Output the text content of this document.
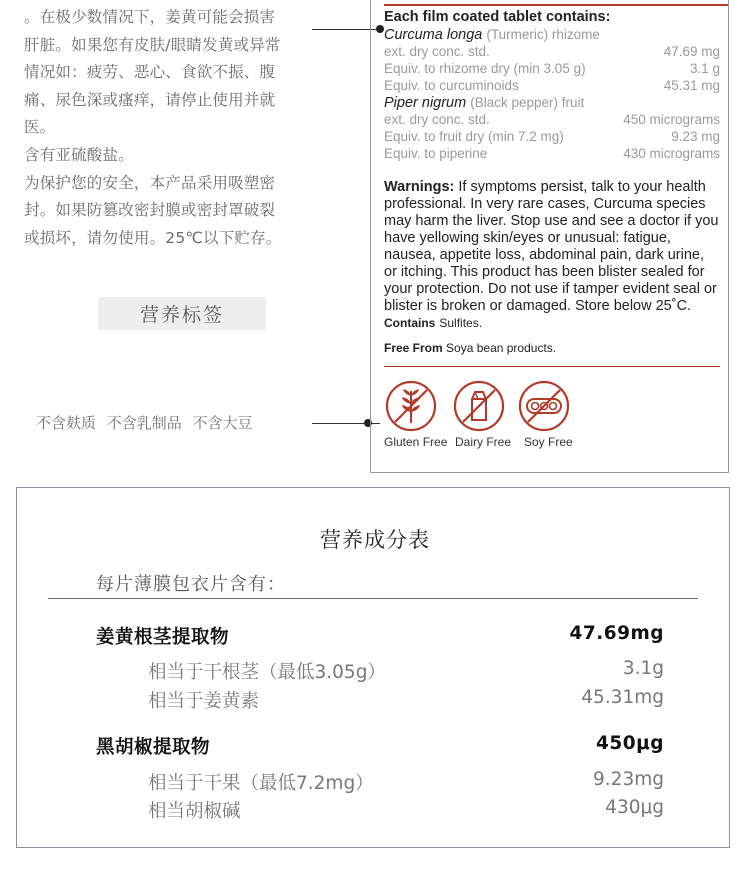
。在极少数情况下，姜黄可能会损害

肝脏。如果您有皮肤/眼睛发黄或异常

情况如：疲劳、恶心、食欲不振、腹

痛、尿色深或瘙痒，请停止使用并就

医。

含有亚硫酸盐。

为保护您的安全，本产品采用吸塑密

封。如果防篡改密封膜或密封罩破裂

或损坏，请勿使用。25℃以下贮存。

营养标签
不含麸质 不含乳制品 不含大豆
Each film coated tablet contains:
Curcuma longa (Turmeric) rhizome
ext. dry conc. std.	47.69 mg
Equiv. to rhizome dry (min 3.05 g)	3.1 g
Equiv. to curcuminoids	45.31 mg
Piper nigrum (Black pepper) fruit
ext. dry conc. std.	450 micrograms
Equiv. to fruit dry (min 7.2 mg)	9.23 mg
Equiv. to piperine	430 micrograms
Warnings: If symptoms persist, talk to your health professional. In very rare cases, Curcuma species may harm the liver. Stop use and see a doctor if you have yellowing skin/eyes or unusual: fatigue, nausea, appetite loss, abdominal pain, dark urine, or itching. This product has been blister sealed for your protection. Do not use if tamper evident seal or blister is broken or damaged. Store below 25˚C.
Contains Sulfites.
Free From Soya bean products.
Gluten Free Dairy Free Soy Free
营养成分表
每片薄膜包衣片含有：
姜黄根茎提取物	47.69mg
相当于干根茎（最低3.05g）	3.1g
相当于姜黄素	45.31mg
黑胡椒提取物	450μg
相当于干果（最低7.2mg）	9.23mg
相当胡椒碱	430μg
